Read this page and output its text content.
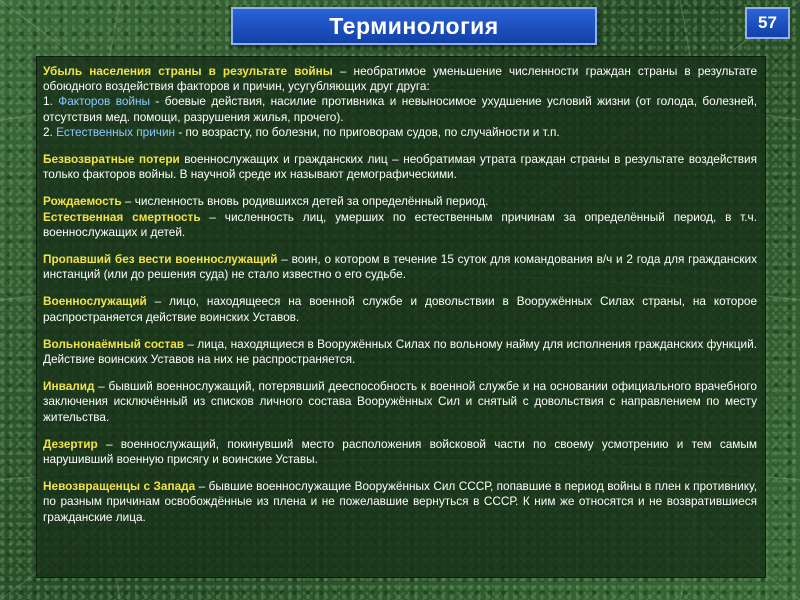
Терминология	57

Убыль населения страны в результате войны – необратимое уменьшение численности граждан страны в результате обоюдного воздействия факторов и причин, усугубляющих друг друга:

1. Факторов войны - боевые действия, насилие противника и невыносимое ухудшение условий жизни (от голода, болезней, отсутствия мед. помощи, разрушения жилья, прочего).

2. Естественных причин - по возрасту, по болезни, по приговорам судов, по случайности и т.п.

Безвозвратные потери военнослужащих и гражданских лиц – необратимая утрата граждан страны в результате воздействия только факторов войны. В научной среде их называют демографическими.

Рождаемость – численность вновь родившихся детей за определённый период.

Естественная смертность – численность лиц, умерших по естественным причинам за определённый период, в т.ч. военнослужащих и детей.

Пропавший без вести военнослужащий – воин, о котором в течение 15 суток для командования в/ч и 2 года для гражданских инстанций (или до решения суда) не стало известно о его судьбе.

Военнослужащий – лицо, находящееся на военной службе и довольствии в Вооружённых Силах страны, на которое распространяется действие воинских Уставов.

Вольнонаёмный состав – лица, находящиеся в Вооружённых Силах по вольному найму для исполнения гражданских функций. Действие воинских Уставов на них не распространяется.

Инвалид – бывший военнослужащий, потерявший дееспособность к военной службе и на основании официального врачебного заключения исключённый из списков личного состава Вооружённых Сил и снятый с довольствия с направлением по месту жительства.

Дезертир – военнослужащий, покинувший место расположения войсковой части по своему усмотрению и тем самым нарушивший военную присягу и воинские Уставы.

Невозвращенцы с Запада – бывшие военнослужащие Вооружённых Сил СССР, попавшие в период войны в плен к противнику, по разным причинам освобождённые из плена и не пожелавшие вернуться в СССР. К ним же относятся и не возвратившиеся гражданские лица.
